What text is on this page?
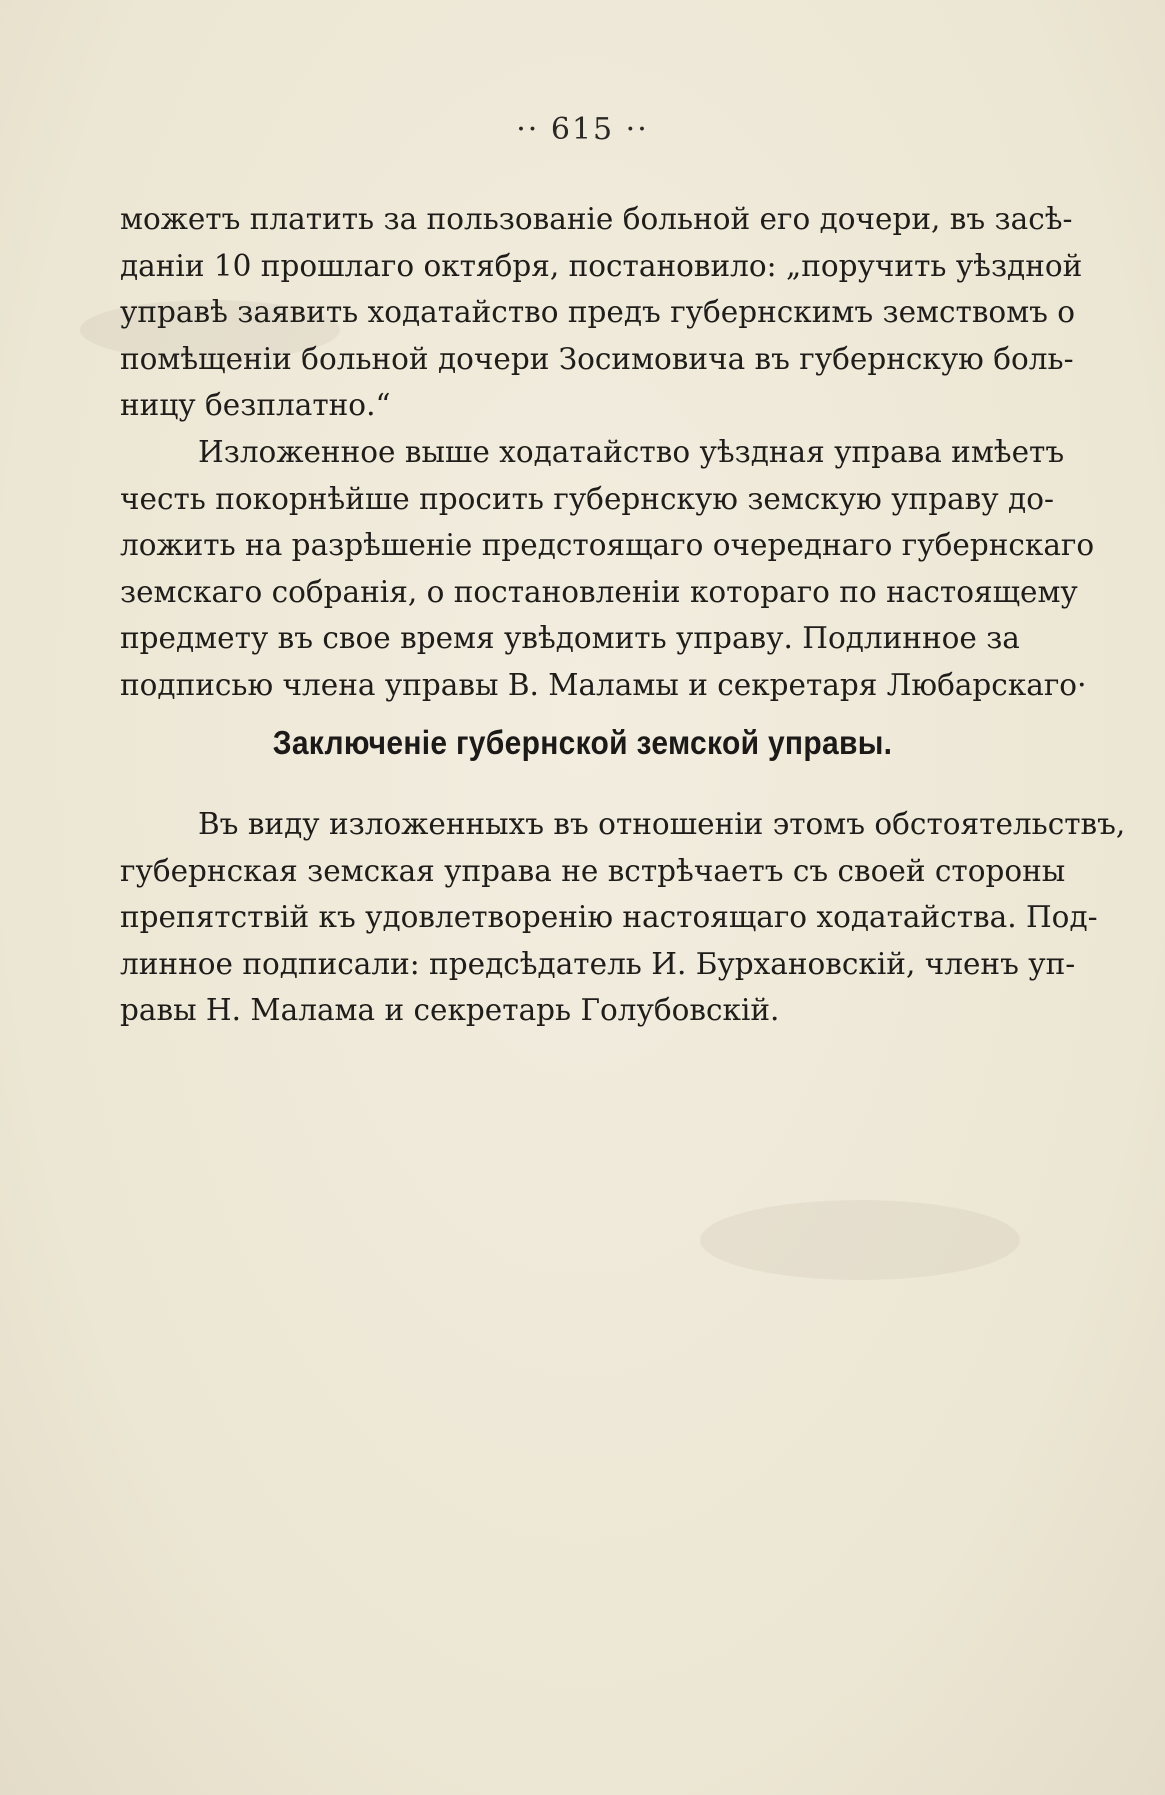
·· 615 ··
можетъ платить за пользованіе больной его дочери, въ засѣ-
даніи 10 прошлаго октября, постановило: „поручить уѣздной
управѣ заявить ходатайство предъ губернскимъ земствомъ о
помѣщеніи больной дочери Зосимовича въ губернскую боль-
ницу безплатно.“
Изложенное выше ходатайство уѣздная управа имѣетъ
честь покорнѣйше просить губернскую земскую управу до-
ложить на разрѣшеніе предстоящаго очереднаго губернскаго
земскаго собранія, о постановленіи котораго по настоящему
предмету въ свое время увѣдомить управу. Подлинное за
подписью члена управы В. Маламы и секретаря Любарскаго·
Заключеніе губернской земской управы.
Въ виду изложенныхъ въ отношеніи этомъ обстоятельствъ,
губернская земская управа не встрѣчаетъ съ своей стороны
препятствій къ удовлетворенію настоящаго ходатайства. Под-
линное подписали: предсѣдатель И. Бурхановскій, членъ уп-
равы Н. Малама и секретарь Голубовскій.
